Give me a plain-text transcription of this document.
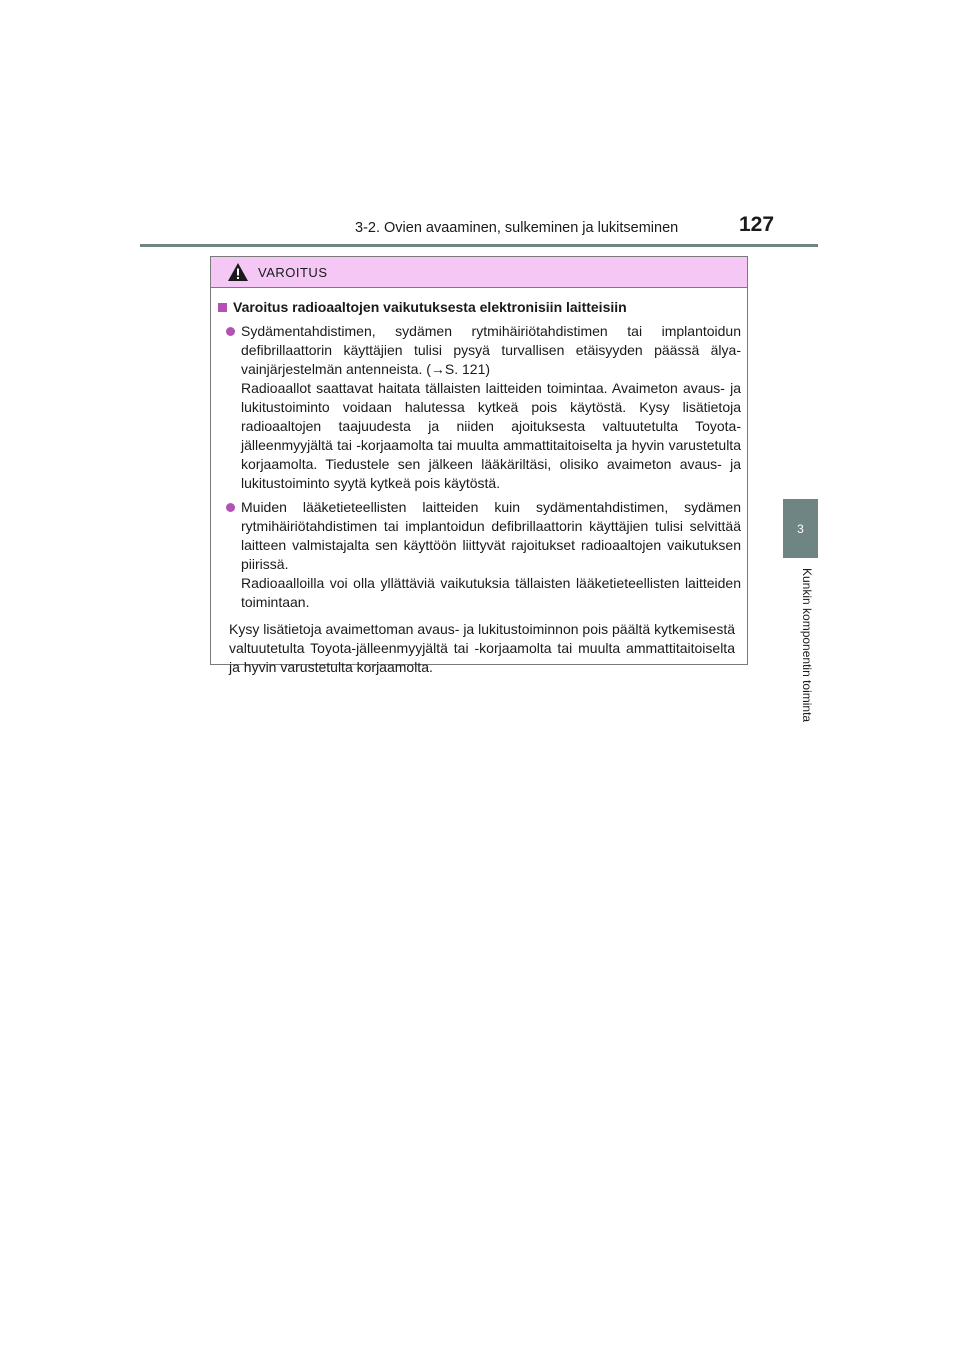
3-2. Ovien avaaminen, sulkeminen ja lukitseminen	127
3
Kunkin komponentin toiminta
VAROITUS
Varoitus radioaaltojen vaikutuksesta elektronisiin laitteisiin

Sydämentahdistimen, sydämen rytmihäiriötahdistimen tai implantoidun defibrillaattorin käyttäjien tulisi pysyä turvallisen etäisyyden päässä älyavainjärjestelmän antenneista. (→S. 121)

Radioaallot saattavat haitata tällaisten laitteiden toimintaa. Avaimeton avaus- ja lukitustoiminto voidaan halutessa kytkeä pois käytöstä. Kysy lisätietoja radioaaltojen taajuudesta ja niiden ajoituksesta valtuutetulta Toyota-jälleenmyyjältä tai -korjaamolta tai muulta ammattitaitoiselta ja hyvin varustetulta korjaamolta. Tiedustele sen jälkeen lääkäriltäsi, olisiko avaimeton avaus- ja lukitustoiminto syytä kytkeä pois käytöstä.

Muiden lääketieteellisten laitteiden kuin sydämentahdistimen, sydämen rytmihäiriötahdistimen tai implantoidun defibrillaattorin käyttäjien tulisi selvittää laitteen valmistajalta sen käyttöön liittyvät rajoitukset radioaaltojen vaikutuksen piirissä.

Radioaalloilla voi olla yllättäviä vaikutuksia tällaisten lääketieteellisten laitteiden toimintaan.

Kysy lisätietoja avaimettoman avaus- ja lukitustoiminnon pois päältä kytkemisestä valtuutetulta Toyota-jälleenmyyjältä tai -korjaamolta tai muulta ammattitaitoiselta ja hyvin varustetulta korjaamolta.
